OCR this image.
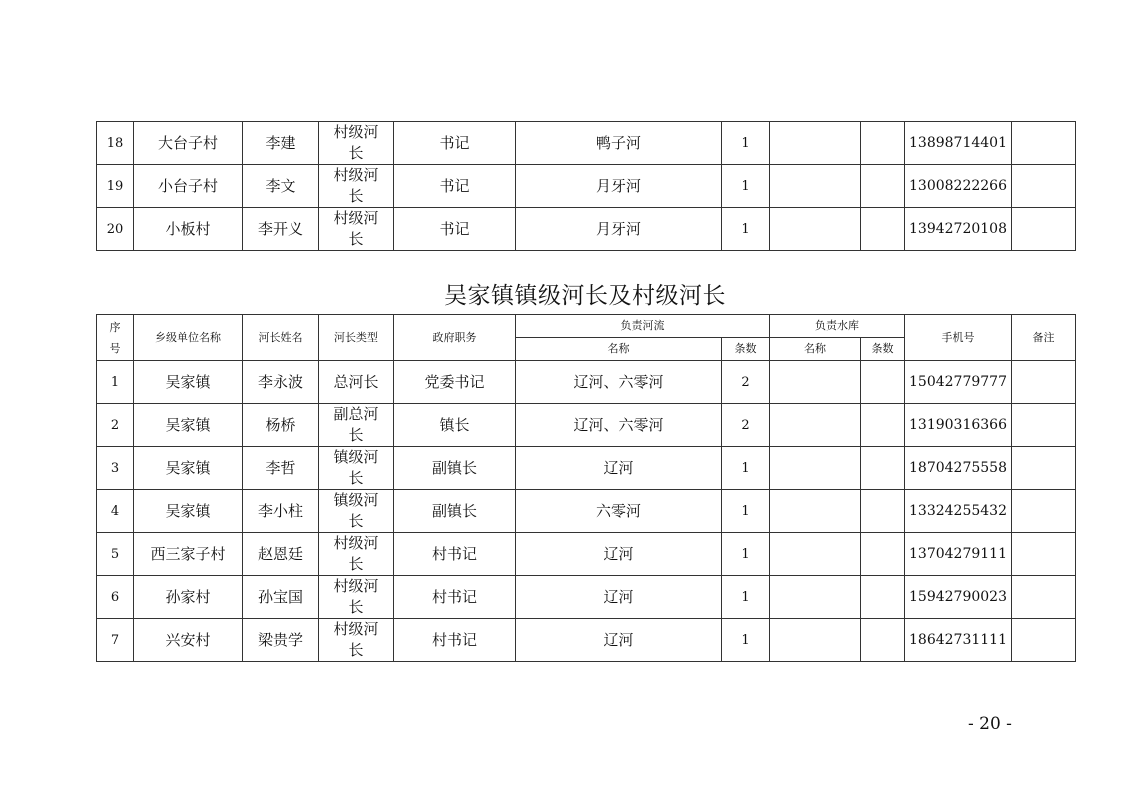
18	大台子村	李建	村级河
长	书记	鸭子河	1			13898714401	
19	小台子村	李文	村级河
长	书记	月牙河	1			13008222266	
20	小板村	李开义	村级河
长	书记	月牙河	1			13942720108	
吴家镇镇级河长及村级河长
序
号	乡级单位名称	河长姓名	河长类型	政府职务	负责河流		负责水库		手机号	备注
					名称	条数	名称	条数		
1	吴家镇	李永波	总河长	党委书记	辽河、六零河	2			15042779777	
2	吴家镇	杨桥	副总河
长	镇长	辽河、六零河	2			13190316366	
3	吴家镇	李哲	镇级河
长	副镇长	辽河	1			18704275558	
4	吴家镇	李小柱	镇级河
长	副镇长	六零河	1			13324255432	
5	西三家子村	赵恩廷	村级河
长	村书记	辽河	1			13704279111	
6	孙家村	孙宝国	村级河
长	村书记	辽河	1			15942790023	
7	兴安村	梁贵学	村级河
长	村书记	辽河	1			18642731111	
- 20 -
